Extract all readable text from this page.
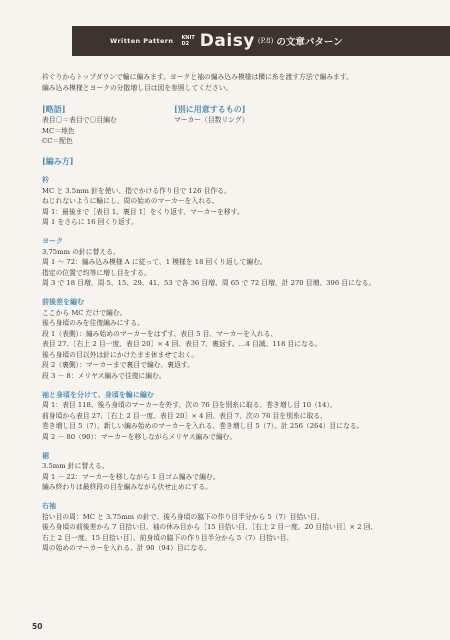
Written Pattern KNIT
D2 Daisy (P.8) の文章パターン

衿ぐりからトップダウンで輪に編みます。ヨークと袖の編み込み模様は横に糸を渡す方法で編みます。

編み込み模様とヨークの分散増し目は図を参照してください。

[略語]
表目〇＝表目で〇目編む
MC＝地色
CC＝配色
[別に用意するもの]
マーカー（目数リング）
[編み方]
衿
MC と 3.5mm 針を使い、指でかける作り目で 126 目作る。
ねじれないように輪にし、周の始めのマーカーを入れる。
周 1：最後まで［表目 1、裏目 1］をくり返す、マーカーを移す。
周 1 をさらに 16 回くり返す。
ヨーク
3.75mm の針に替える。
周 1 ～ 72：編み込み模様 A に従って、1 模様を 18 回くり返して編む。
指定の位置で均等に増し目をする。
周 3 で 18 目増、周 5、15、29、41、53 で各 36 目増、周 65 で 72 目増、計 270 目増、396 目になる。
前後差を編む
ここから MC だけで編む。
後ろ身頃のみを往復編みにする。
段 1（表側）：編み始めのマーカーをはずす、表目 5 目、マーカーを入れる、
表目 27、［右上 2 目一度、表目 20］× 4 回、表目 7、裏返す。…4 目減、118 目になる。
後ろ身頃の目以外は針にかけたまま休ませておく。
段 2（裏側）：マーカーまで裏目で編む、裏返す。
段 3 － 8：メリヤス編みで往復に編む。
袖と身頃を分けて、身頃を輪に編む
周 1：表目 118、後ろ身頃のマーカーを外す、次の 76 目を別糸に取る、巻き増し目 10（14）、
前身頃から表目 27、［右上 2 目一度、表目 20］× 4 回、表目 7、次の 76 目を別糸に取る、
巻き増し目 5（7）、新しい編み始めのマーカーを入れる、巻き増し目 5（7）。計 256（264）目になる。
周 2 － 80（90）：マーカーを移しながらメリヤス編みで編む。
裾
3.5mm 針に替える。
周 1 － 22：マーカーを移しながら 1 目ゴム編みで編む。
編み終わりは最終段の目を編みながら伏せ止めにする。
右袖
拾い目の周：MC と 3.75mm の針で、後ろ身頃の脇下の作り目半分から 5（7）目拾い目、
後ろ身頃の前後差から 7 目拾い目、袖の休み目から［15 目拾い目、［右上 2 目一度、20 目拾い目］× 2 回、
右上 2 目一度、15 目拾い目］、前身頃の脇下の作り目半分から 5（7）目拾い目、
周の始めのマーカーを入れる。計 90（94）目になる。
50
